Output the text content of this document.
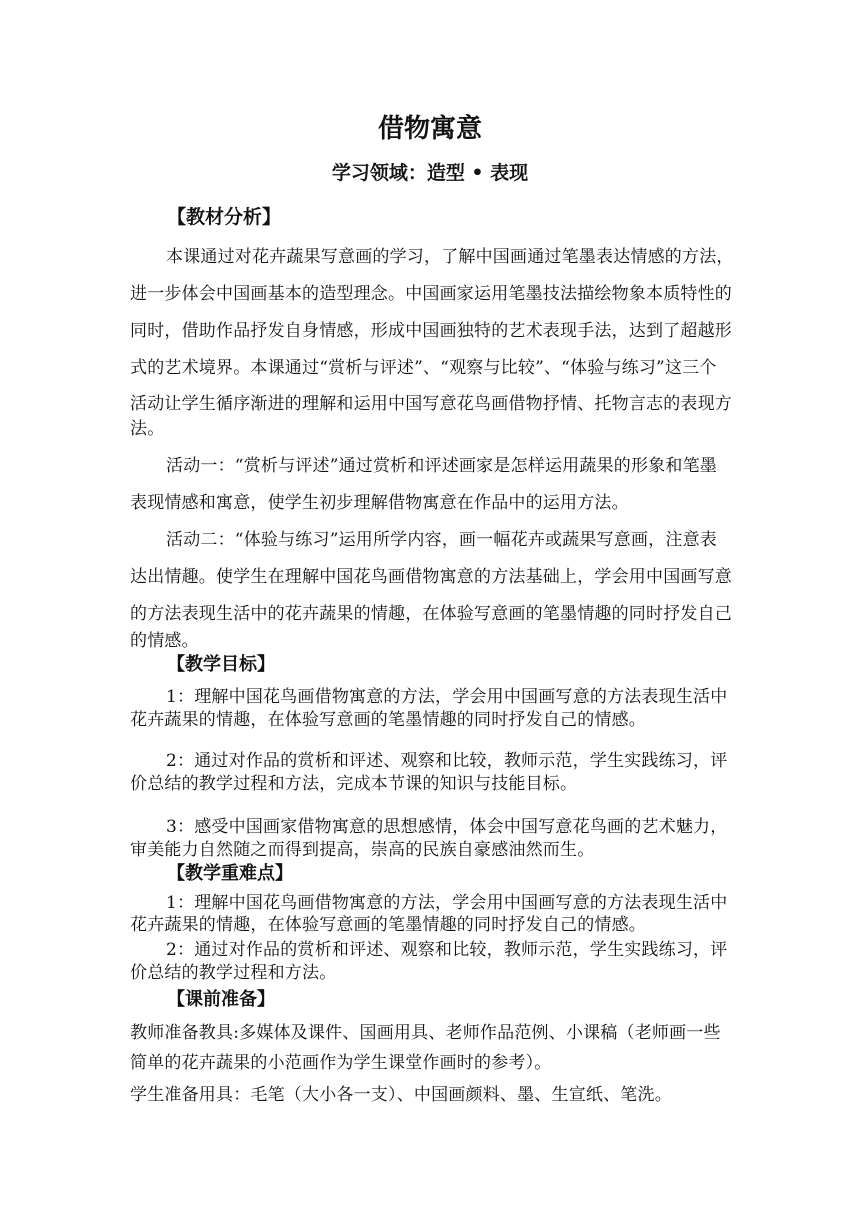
借物寓意
学习领域：造型 • 表现
【教材分析】

本课通过对花卉蔬果写意画的学习，了解中国画通过笔墨表达情感的方法，

进一步体会中国画基本的造型理念。中国画家运用笔墨技法描绘物象本质特性的

同时，借助作品抒发自身情感，形成中国画独特的艺术表现手法，达到了超越形

式的艺术境界。本课通过“赏析与评述”、“观察与比较”、“体验与练习”这三个

活动让学生循序渐进的理解和运用中国写意花鸟画借物抒情、托物言志的表现方

法。

活动一：“赏析与评述”通过赏析和评述画家是怎样运用蔬果的形象和笔墨

表现情感和寓意，使学生初步理解借物寓意在作品中的运用方法。

活动二：“体验与练习”运用所学内容，画一幅花卉或蔬果写意画，注意表

达出情趣。使学生在理解中国花鸟画借物寓意的方法基础上，学会用中国画写意

的方法表现生活中的花卉蔬果的情趣，在体验写意画的笔墨情趣的同时抒发自己

的情感。

【教学目标】

1：理解中国花鸟画借物寓意的方法，学会用中国画写意的方法表现生活中

花卉蔬果的情趣，在体验写意画的笔墨情趣的同时抒发自己的情感。

2：通过对作品的赏析和评述、观察和比较，教师示范，学生实践练习，评

价总结的教学过程和方法，完成本节课的知识与技能目标。

3：感受中国画家借物寓意的思想感情，体会中国写意花鸟画的艺术魅力，

审美能力自然随之而得到提高，崇高的民族自豪感油然而生。

【教学重难点】

1：理解中国花鸟画借物寓意的方法，学会用中国画写意的方法表现生活中

花卉蔬果的情趣，在体验写意画的笔墨情趣的同时抒发自己的情感。

2：通过对作品的赏析和评述、观察和比较，教师示范，学生实践练习，评

价总结的教学过程和方法。

【课前准备】

教师准备教具:多媒体及课件、国画用具、老师作品范例、小课稿（老师画一些

简单的花卉蔬果的小范画作为学生课堂作画时的参考）。

学生准备用具：毛笔（大小各一支）、中国画颜料、墨、生宣纸、笔洗。
